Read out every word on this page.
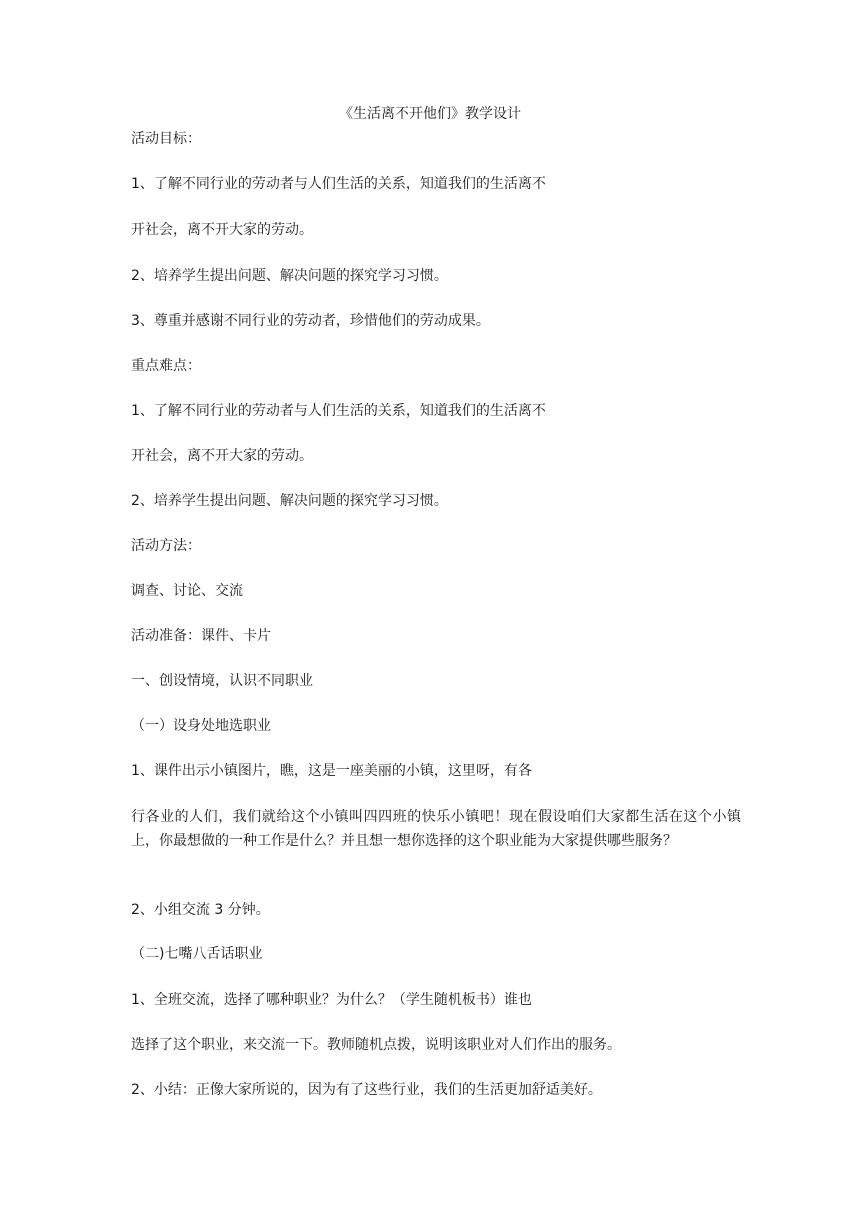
《生活离不开他们》教学设计
活动目标：
1、了解不同行业的劳动者与人们生活的关系，知道我们的生活离不
开社会，离不开大家的劳动。
2、培养学生提出问题、解决问题的探究学习习惯。
3、尊重并感谢不同行业的劳动者，珍惜他们的劳动成果。
重点难点：
1、了解不同行业的劳动者与人们生活的关系，知道我们的生活离不
开社会，离不开大家的劳动。
2、培养学生提出问题、解决问题的探究学习习惯。
活动方法：
调查、讨论、交流
活动准备：课件、卡片
一、创设情境，认识不同职业
（一）设身处地选职业
1、课件出示小镇图片，瞧，这是一座美丽的小镇，这里呀，有各
行各业的人们，我们就给这个小镇叫四四班的快乐小镇吧！现在假设咱们大家都生活在这个小镇上，你最想做的一种工作是什么？并且想一想你选择的这个职业能为大家提供哪些服务？
2、小组交流 3 分钟。
（二)七嘴八舌话职业
1、全班交流，选择了哪种职业？为什么？（学生随机板书）谁也
选择了这个职业，来交流一下。教师随机点拨，说明该职业对人们作出的服务。
2、小结：正像大家所说的，因为有了这些行业，我们的生活更加舒适美好。
